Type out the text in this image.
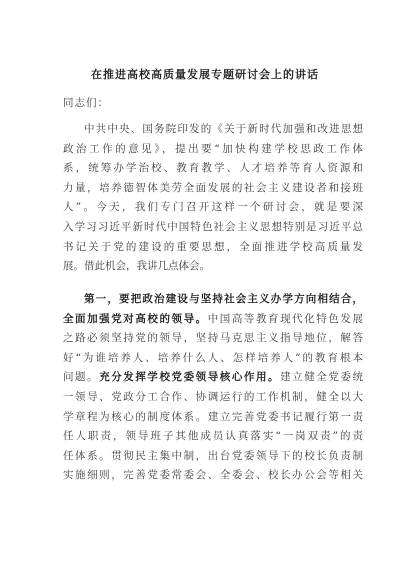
在推进高校高质量发展专题研讨会上的讲话
同志们：
中共中央、国务院印发的《关于新时代加强和改进思想
政治工作的意见》，提出要“加快构建学校思政工作体
系，统筹办学治校、教育教学、人才培养等育人资源和
力量，培养德智体美劳全面发展的社会主义建设者和接班
人”。今天，我们专门召开这样一个研讨会，就是要深
入学习习近平新时代中国特色社会主义思想特别是习近平总
书记关于党的建设的重要思想，全面推进学校高质量发
展。借此机会，我讲几点体会。
第一，要把政治建设与坚持社会主义办学方向相结合，
全面加强党对高校的领导。中国高等教育现代化特色发展
之路必须坚持党的领导，坚持马克思主义指导地位，解答
好“为谁培养人、培养什么人、怎样培养人”的教育根本
问题。充分发挥学校党委领导核心作用。建立健全党委统
一领导、党政分工合作、协调运行的工作机制，健全以大
学章程为核心的制度体系。建立完善党委书记履行第一责
任人职责，领导班子其他成员认真落实“一岗双责”的责
任体系。贯彻民主集中制，出台党委领导下的校长负责制
实施细则，完善党委常委会、全委会、校长办公会等相关
